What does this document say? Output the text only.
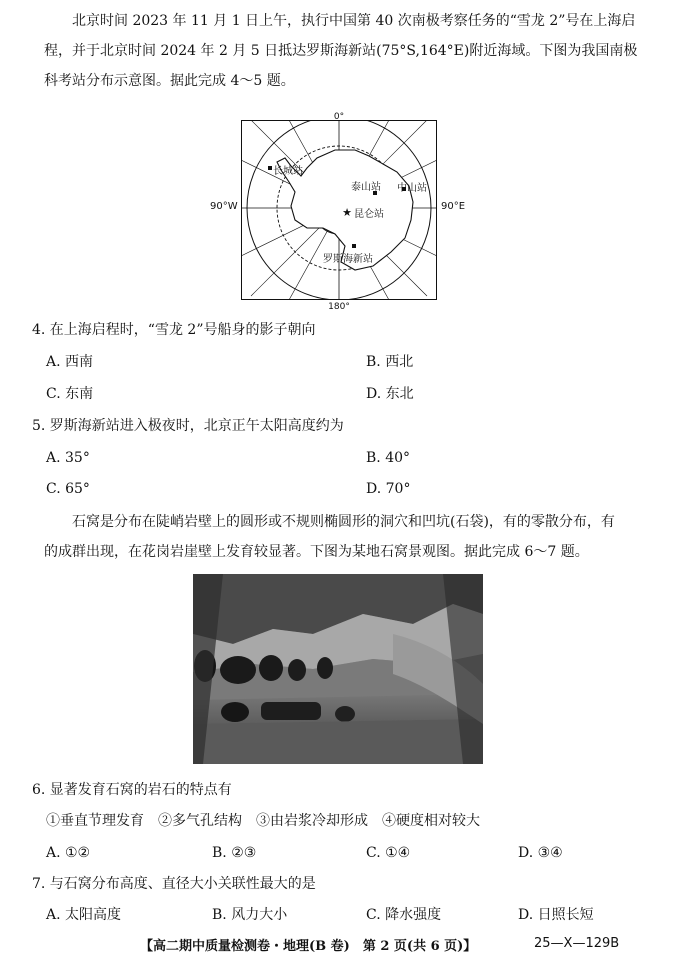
北京时间 2023 年 11 月 1 日上午，执行中国第 40 次南极考察任务的“雪龙 2”号在上海启

程，并于北京时间 2024 年 2 月 5 日抵达罗斯海新站(75°S,164°E)附近海域。下图为我国南极

科考站分布示意图。据此完成 4～5 题。

★
0°
180°
长城站
泰山站 中山站
昆仑站
罗斯海新站
90°W	90°E
4. 在上海启程时，“雪龙 2”号船身的影子朝向
A. 西南	B. 西北
C. 东南	D. 东北
5. 罗斯海新站进入极夜时，北京正午太阳高度约为
A. 35°	B. 40°
C. 65°	D. 70°

石窝是分布在陡峭岩壁上的圆形或不规则椭圆形的洞穴和凹坑(石袋)，有的零散分布，有

的成群出现，在花岗岩崖壁上发育较显著。下图为某地石窝景观图。据此完成 6～7 题。

6. 显著发育石窝的岩石的特点有
①垂直节理发育　②多气孔结构　③由岩浆冷却形成　④硬度相对较大
A. ①②	B. ②③	C. ①④	D. ③④
7. 与石窝分布高度、直径大小关联性最大的是
A. 太阳高度	B. 风力大小	C. 降水强度	D. 日照长短
【高二期中质量检测卷・地理(B 卷)　第 2 页(共 6 页)】	25—X—129B
